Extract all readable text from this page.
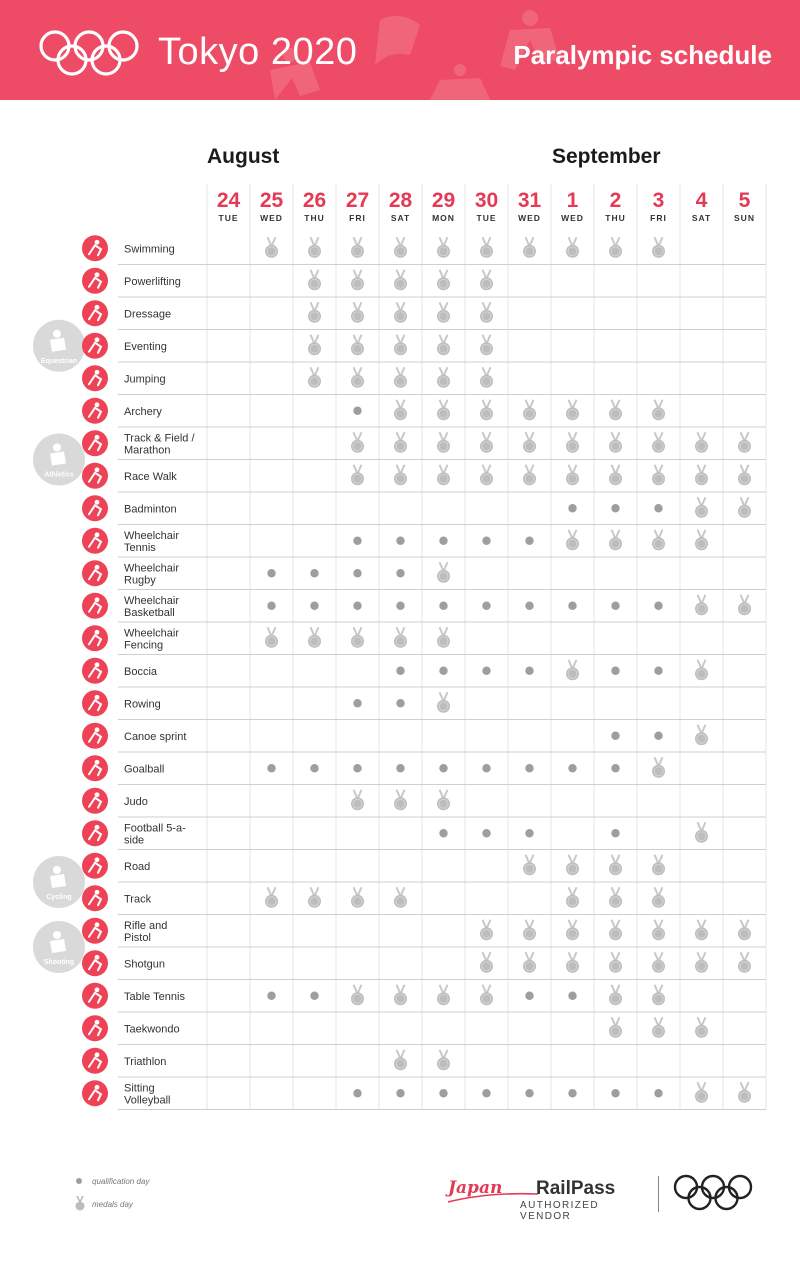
Tokyo 2020	Paralympic schedule
August	September
24
TUE
25
WED
26
THU
27
FRI
28
SAT
29
MON
30
TUE
31
WED
1
WED
2
THU
3
FRI
4
SAT
5
SUN
Equestrian
Athletics
Cycling
Shooting
Swimming
Powerlifting
Dressage
Eventing
Jumping
Archery
Track & Field / Marathon
Race Walk
Badminton
Wheelchair Tennis
Wheelchair Rugby
Wheelchair Basketball
Wheelchair Fencing
Boccia
Rowing
Canoe sprint
Goalball
Judo
Football 5-a-side
Road
Track
Rifle and Pistol
Shotgun
Table Tennis
Taekwondo
Triathlon
Sitting Volleyball
qualification day
medals day
Japan RailPass
AUTHORIZED VENDOR
